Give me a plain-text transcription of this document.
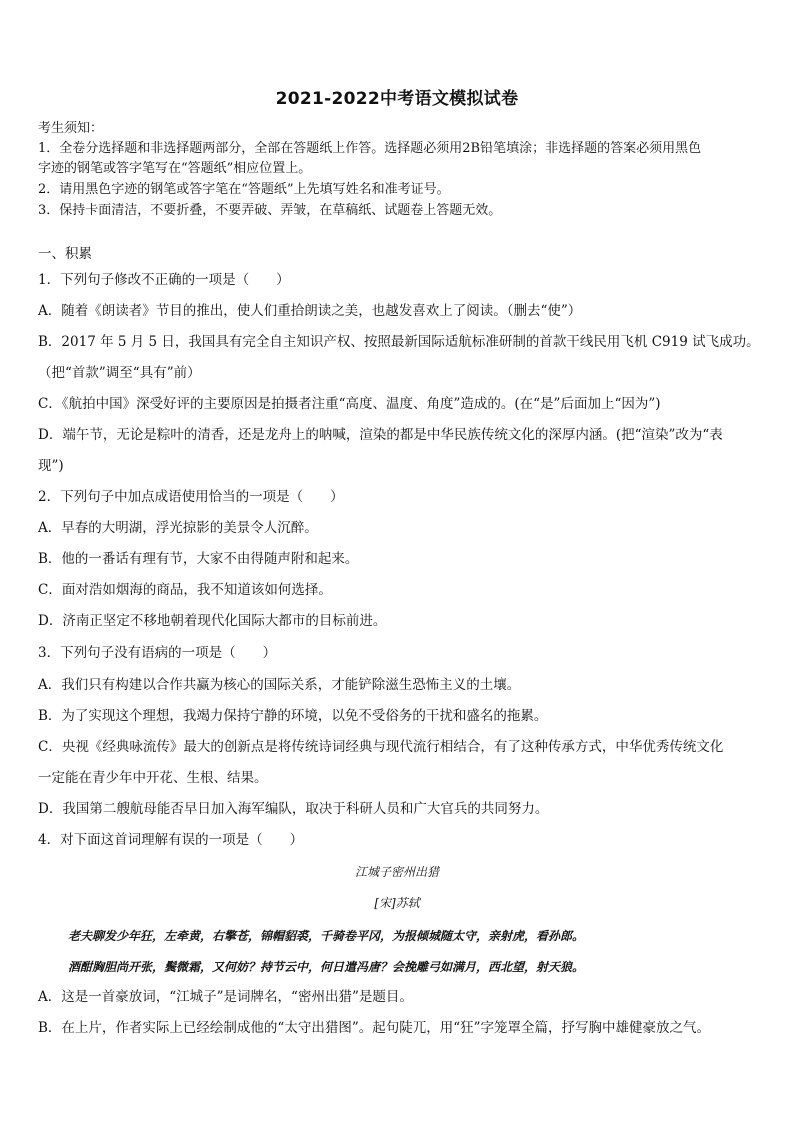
2021-2022中考语文模拟试卷
考生须知：
1．全卷分选择题和非选择题两部分，全部在答题纸上作答。选择题必须用2B铅笔填涂；非选择题的答案必须用黑色
字迹的钢笔或答字笔写在“答题纸”相应位置上。
2．请用黑色字迹的钢笔或答字笔在“答题纸”上先填写姓名和准考证号。
3．保持卡面清洁，不要折叠，不要弄破、弄皱，在草稿纸、试题卷上答题无效。
一、积累
1．下列句子修改不正确的一项是（　　）
A．随着《朗读者》节目的推出，使人们重拾朗读之美，也越发喜欢上了阅读。（删去“使”）
B．2017 年 5 月 5 日，我国具有完全自主知识产权、按照最新国际适航标准研制的首款干线民用飞机 C919 试飞成功。
（把“首款”调至“具有”前）
C．《航拍中国》深受好评的主要原因是拍摄者注重“高度、温度、角度”造成的。(在“是”后面加上“因为”)
D．端午节，无论是粽叶的清香，还是龙舟上的呐喊，渲染的都是中华民族传统文化的深厚内涵。(把“渲染”改为“表
现”)
2．下列句子中加点成语使用恰当的一项是（　　）
A．早春的大明湖，浮光掠影的美景令人沉醉。
B．他的一番话有理有节，大家不由得随声附和起来。
C．面对浩如烟海的商品，我不知道该如何选择。
D．济南正坚定不移地朝着现代化国际大都市的目标前进。
3．下列句子没有语病的一项是（　　）
A．我们只有构建以合作共赢为核心的国际关系，才能铲除滋生恐怖主义的土壤。
B．为了实现这个理想，我竭力保持宁静的环境，以免不受俗务的干扰和盛名的拖累。
C．央视《经典咏流传》最大的创新点是将传统诗词经典与现代流行相结合，有了这种传承方式，中华优秀传统文化
一定能在青少年中开花、生根、结果。
D．我国第二艘航母能否早日加入海军编队，取决于科研人员和广大官兵的共同努力。
4．对下面这首词理解有误的一项是（　　）
江城子密州出猎
[宋]苏轼
老夫聊发少年狂，左牵黄，右擎苍，锦帽貂裘，千骑卷平冈，为报倾城随太守，亲射虎，看孙郎。
酒酣胸胆尚开张，鬓微霜，又何妨？持节云中，何日遣冯唐？会挽雕弓如满月，西北望，射天狼。
A．这是一首豪放词，“江城子”是词牌名，“密州出猎”是题目。
B．在上片，作者实际上已经绘制成他的“太守出猎图”。起句陡兀，用“狂”字笼罩全篇，抒写胸中雄健豪放之气。
